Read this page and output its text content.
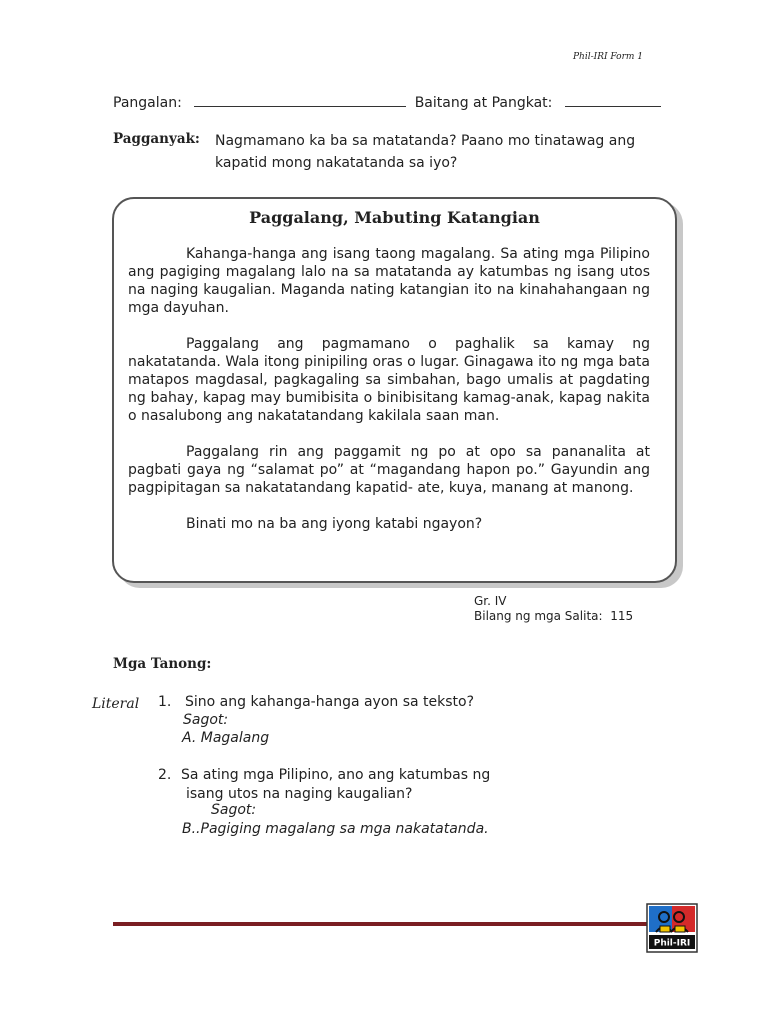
Phil-IRI Form 1
Pangalan:	Baitang at Pangkat:
Pagganyak: Nagmamano ka ba sa matatanda? Paano mo tinatawag ang kapatid mong nakatatanda sa iyo?
Paggalang, Mabuting Katangian

Kahanga-hanga ang isang taong magalang. Sa ating mga Pilipino ang pagiging magalang lalo na sa matatanda ay katumbas ng isang utos na naging kaugalian. Maganda nating katangian ito na kinahahangaan ng mga dayuhan.

Paggalang ang pagmamano o paghalik sa kamay ng nakatatanda. Wala itong pinipiling oras o lugar. Ginagawa ito ng mga bata matapos magdasal, pagkagaling sa simbahan, bago umalis at pagdating ng bahay, kapag may bumibisita o binibisitang kamag-anak, kapag nakita o nasalubong ang nakatatandang kakilala saan man.

Paggalang rin ang paggamit ng po at opo sa pananalita at pagbati gaya ng “salamat po” at “magandang hapon po.” Gayundin ang pagpipitagan sa nakatatandang kapatid- ate, kuya, manang at manong.

Binati mo na ba ang iyong katabi ngayon?

Gr. IV
Bilang ng mga Salita: 115
Mga Tanong:
Literal 1. Sino ang kahanga-hanga ayon sa teksto?
Sagot:
A. Magalang
2. Sa ating mga Pilipino, ano ang katumbas ng
isang utos na naging kaugalian?
Sagot:
B..Pagiging magalang sa mga nakatatanda.
Phil-IRI
